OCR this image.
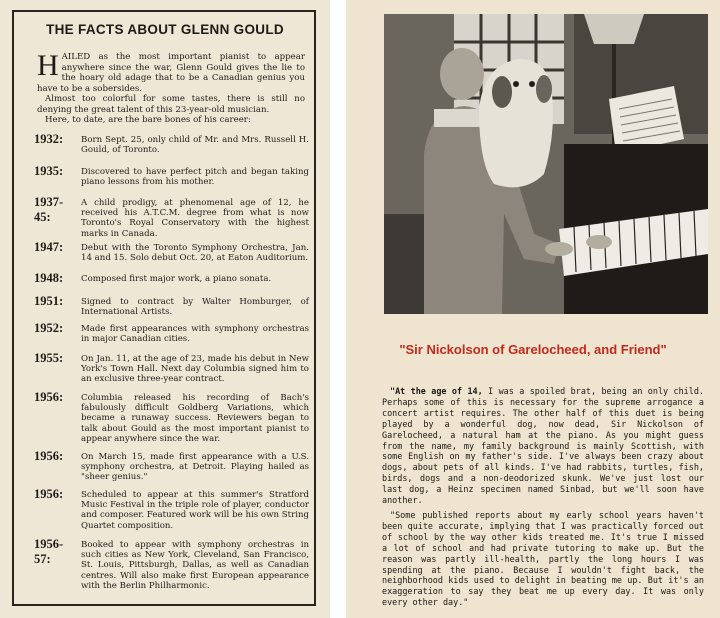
THE FACTS ABOUT GLENN GOULD
H AILED as the most important pianist to appear anywhere since the war, Glenn Gould gives the lie to the hoary old adage that to be a Canadian genius you have to be a sobersides.

Almost too colorful for some tastes, there is still no denying the great talent of this 23-year-old musician.

Here, to date, are the bare bones of his career:

1932:	Born Sept. 25, only child of Mr. and Mrs. Russell H. Gould, of Toronto.
1935:	Discovered to have perfect pitch and began taking piano lessons from his mother.
1937-45:
A child prodigy, at phenomenal age of 12, he received his A.T.C.M. degree from what is now Toronto's Royal Conservatory with the highest marks in Canada.
1947:	Debut with the Toronto Symphony Orchestra, Jan. 14 and 15. Solo debut Oct. 20, at Eaton Auditorium.
1948:	Composed first major work, a piano sonata.
1951:	Signed to contract by Walter Homburger, of International Artists.
1952:	Made first appearances with symphony orchestras in major Canadian cities.
1955:	On Jan. 11, at the age of 23, made his debut in New York's Town Hall. Next day Columbia signed him to an exclusive three-year contract.
1956:	Columbia released his recording of Bach's fabulously difficult Goldberg Variations, which became a runaway success. Reviewers began to talk about Gould as the most important pianist to appear anywhere since the war.
1956:	On March 15, made first appearance with a U.S. symphony orchestra, at Detroit. Playing hailed as "sheer genius."
1956:	Scheduled to appear at this summer's Stratford Music Festival in the triple role of player, conductor and composer. Featured work will be his own String Quartet composition.
1956-57:
Booked to appear with symphony orchestras in such cities as New York, Cleveland, San Francisco, St. Louis, Pittsburgh, Dallas, as well as Canadian centres. Will also make first European appearance with the Berlin Philharmonic.
"Sir Nickolson of Garelocheed, and Friend"

"At the age of 14, I was a spoiled brat, being an only child. Perhaps some of this is necessary for the supreme arrogance a concert artist requires. The other half of this duet is being played by a wonderful dog, now dead, Sir Nickolson of Garelocheed, a natural ham at the piano. As you might guess from the name, my family background is mainly Scottish, with some English on my father's side. I've always been crazy about dogs, about pets of all kinds. I've had rabbits, turtles, fish, birds, dogs and a non-deodorized skunk. We've just lost our last dog, a Heinz specimen named Sinbad, but we'll soon have another.

"Some published reports about my early school years haven't been quite accurate, implying that I was practically forced out of school by the way other kids treated me. It's true I missed a lot of school and had private tutoring to make up. But the reason was partly ill-health, partly the long hours I was spending at the piano. Because I wouldn't fight back, the neighborhood kids used to delight in beating me up. But it's an exaggeration to say they beat me up every day. It was only every other day."
